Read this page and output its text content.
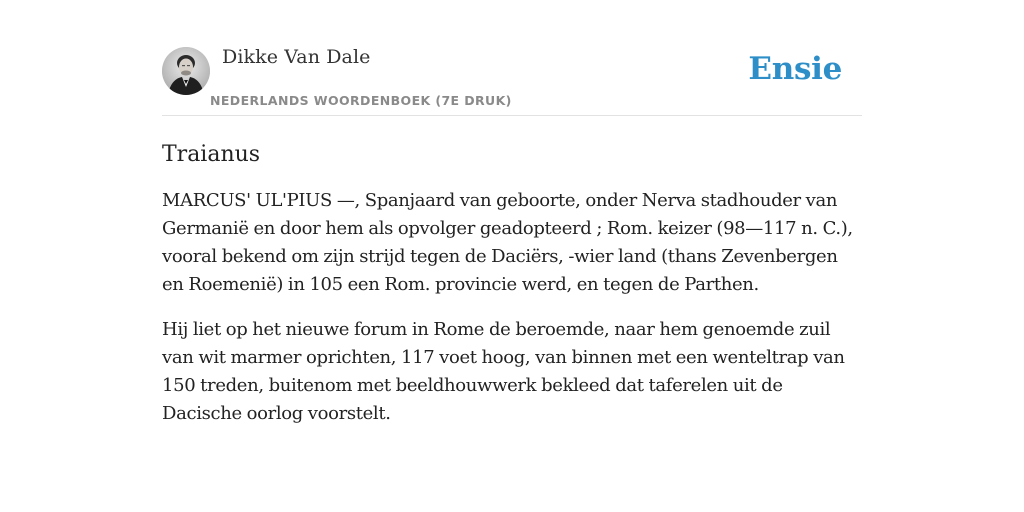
Dikke Van Dale
NEDERLANDS WOORDENBOEK (7E DRUK)
Ensie
Traianus

MARCUS' UL'PIUS —, Spanjaard van geboorte, onder Nerva stadhouder van Germanië en door hem als opvolger geadopteerd ; Rom. keizer (98—117 n. C.), vooral bekend om zijn strijd tegen de Daciërs, -wier land (thans Zevenbergen en Roemenië) in 105 een Rom. provincie werd, en tegen de Parthen.

Hij liet op het nieuwe forum in Rome de beroemde, naar hem genoemde zuil van wit marmer oprichten, 117 voet hoog, van binnen met een wenteltrap van 150 treden, buitenom met beeldhouwwerk bekleed dat taferelen uit de Dacische oorlog voorstelt.
